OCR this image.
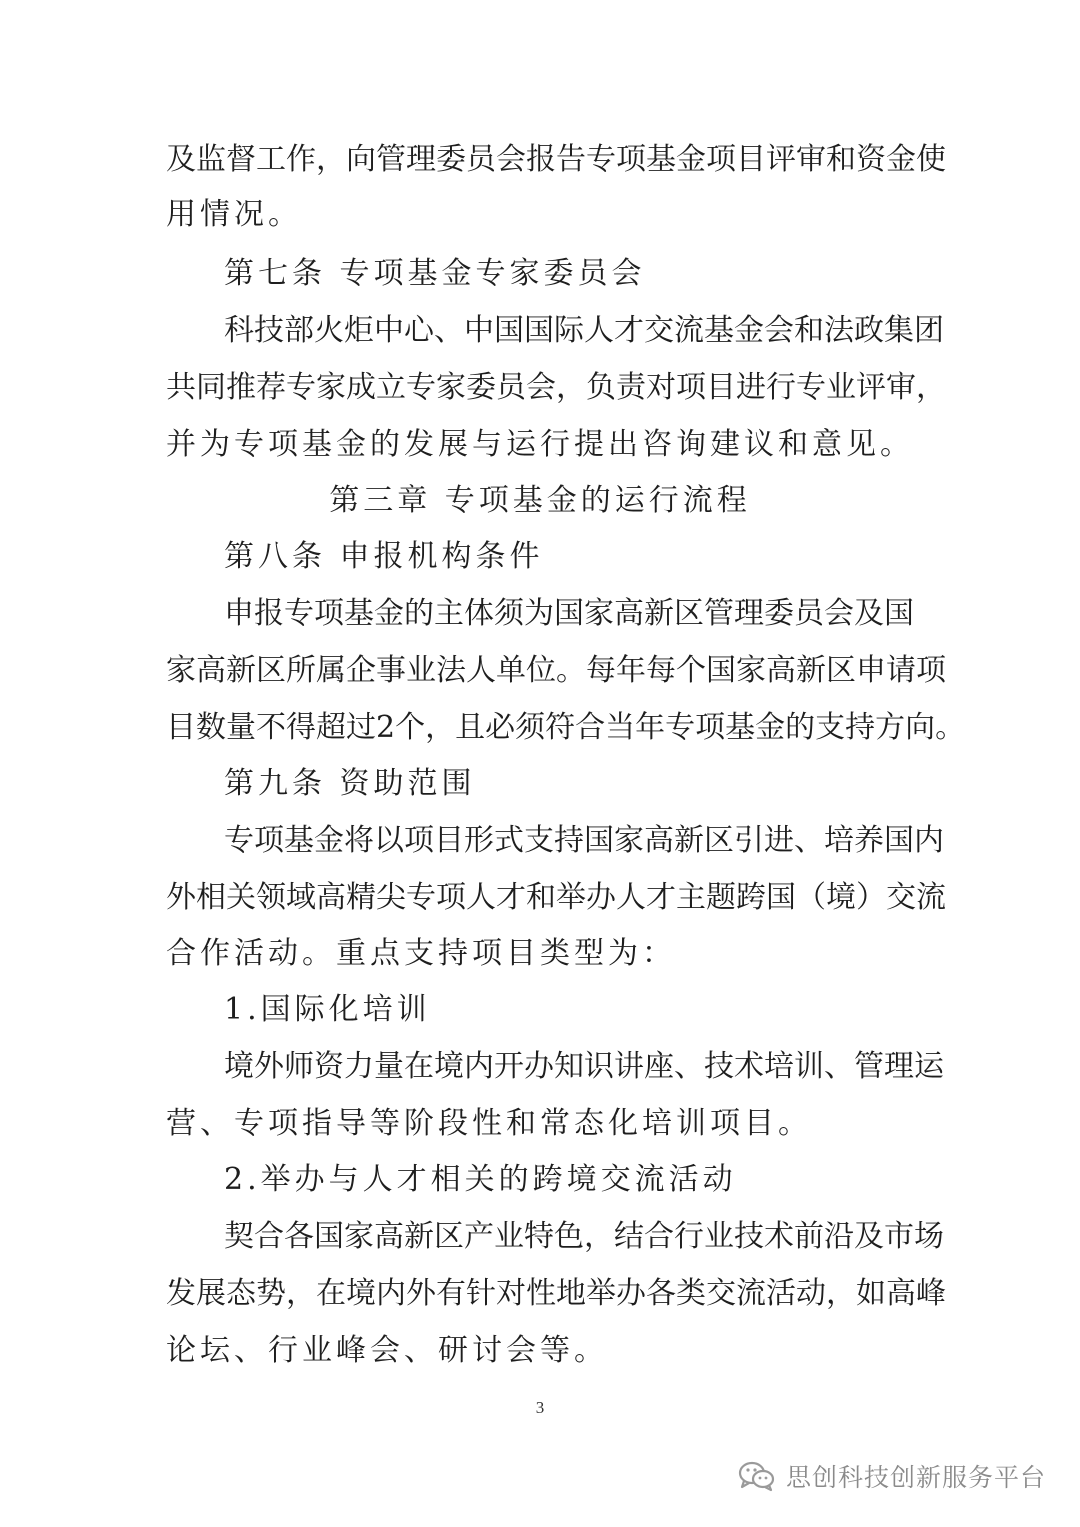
及监督工作，向管理委员会报告专项基金项目评审和资金使
用情况。
第七条 专项基金专家委员会
科技部火炬中心、中国国际人才交流基金会和法政集团
共同推荐专家成立专家委员会，负责对项目进行专业评审，
并为专项基金的发展与运行提出咨询建议和意见。
第三章 专项基金的运行流程
第八条 申报机构条件
申报专项基金的主体须为国家高新区管理委员会及国
家高新区所属企事业法人单位。每年每个国家高新区申请项
目数量不得超过2个，且必须符合当年专项基金的支持方向。
第九条 资助范围
专项基金将以项目形式支持国家高新区引进、培养国内
外相关领域高精尖专项人才和举办人才主题跨国（境）交流
合作活动。重点支持项目类型为：
1.国际化培训
境外师资力量在境内开办知识讲座、技术培训、管理运
营、专项指导等阶段性和常态化培训项目。
2.举办与人才相关的跨境交流活动
契合各国家高新区产业特色，结合行业技术前沿及市场
发展态势，在境内外有针对性地举办各类交流活动，如高峰
论坛、行业峰会、研讨会等。
3
思创科技创新服务平台
